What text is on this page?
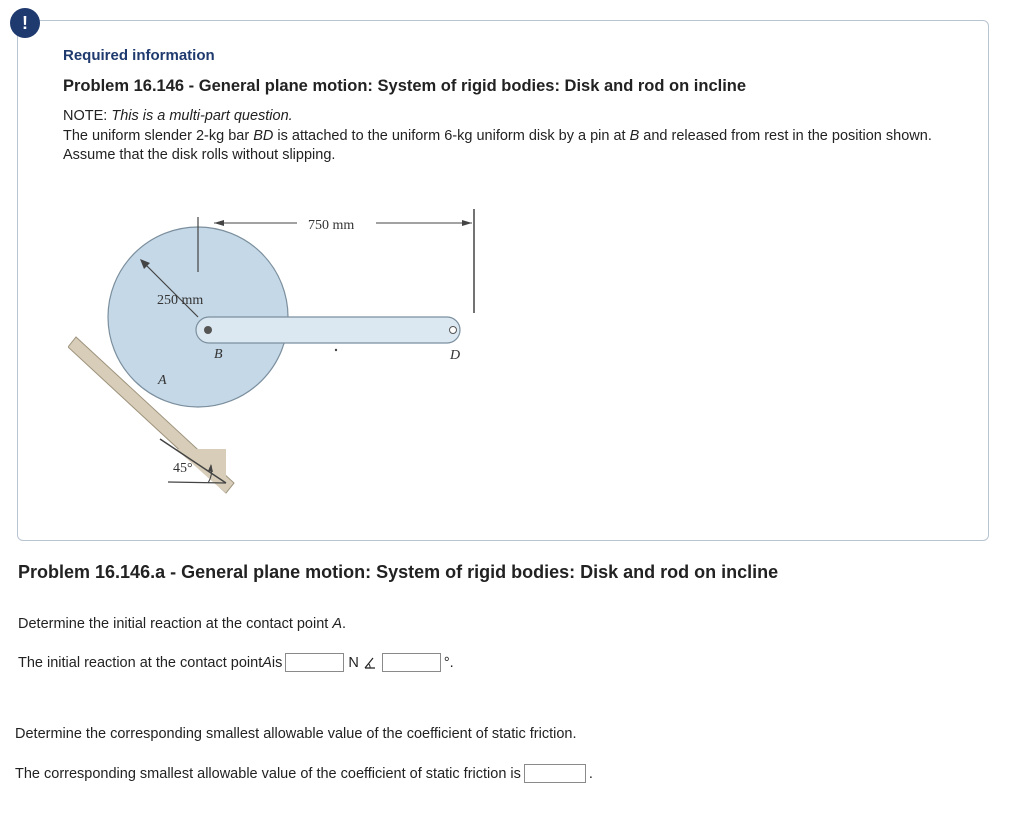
!
Required information
Problem 16.146 - General plane motion: System of rigid bodies: Disk and rod on incline
NOTE: This is a multi-part question.
The uniform slender 2-kg bar BD is attached to the uniform 6-kg uniform disk by a pin at B and released from rest in the position shown. Assume that the disk rolls without slipping.
750 mm
250 mm
B	D
A
45°
Problem 16.146.a - General plane motion: System of rigid bodies: Disk and rod on incline
Determine the initial reaction at the contact point A.
The initial reaction at the contact point A is	N	°.
Determine the corresponding smallest allowable value of the coefficient of static friction.
The corresponding smallest allowable value of the coefficient of static friction is	.
